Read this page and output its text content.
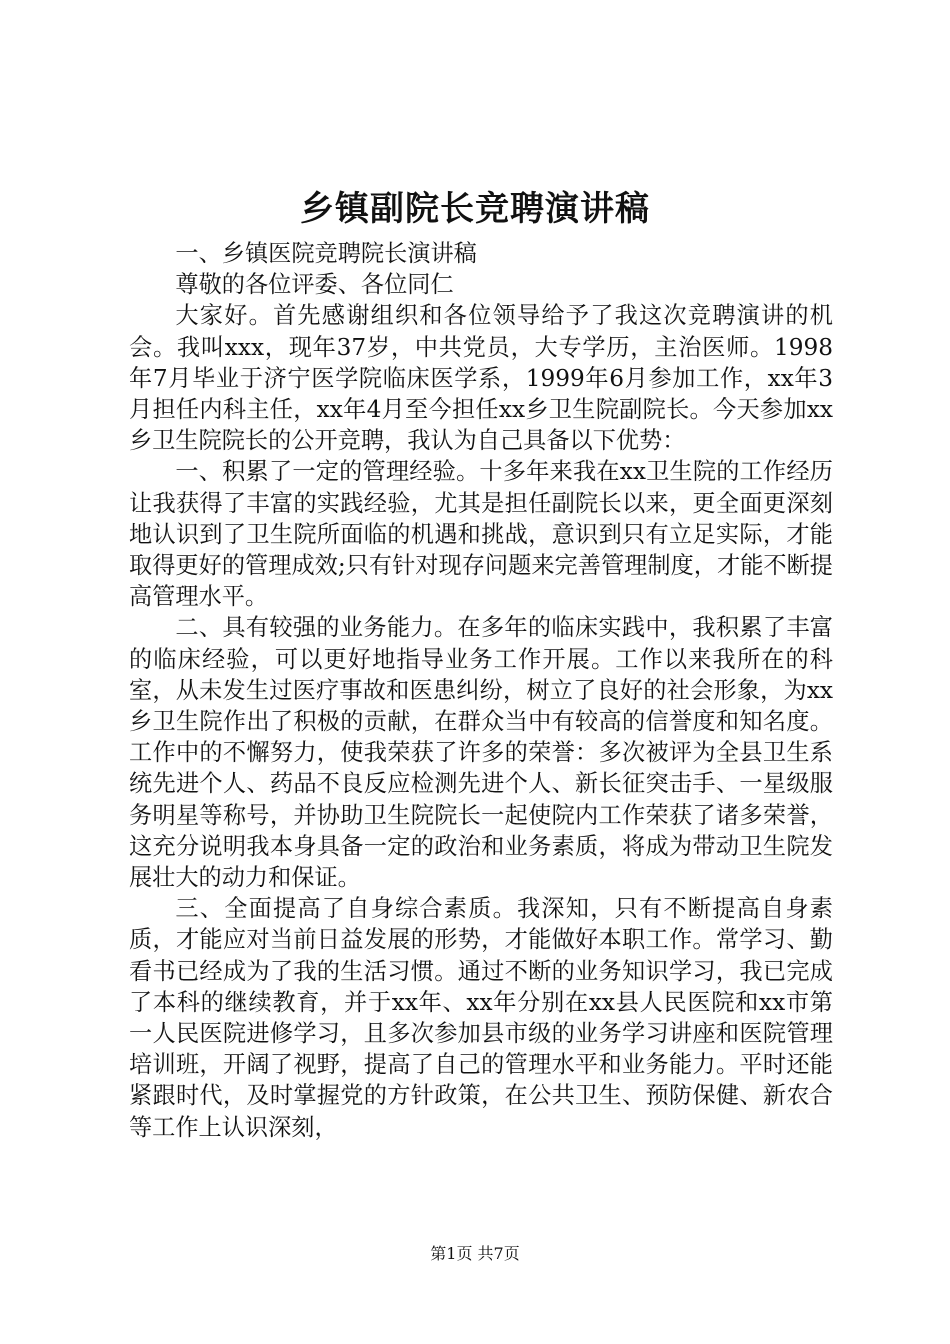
乡镇副院长竞聘演讲稿

一、乡镇医院竞聘院长演讲稿

尊敬的各位评委、各位同仁

大家好。首先感谢组织和各位领导给予了我这次竞聘演讲的机会。我叫xxx，现年37岁，中共党员，大专学历，主治医师。1998年7月毕业于济宁医学院临床医学系，1999年6月参加工作，xx年3月担任内科主任，xx年4月至今担任xx乡卫生院副院长。今天参加xx乡卫生院院长的公开竞聘，我认为自己具备以下优势：

一、积累了一定的管理经验。十多年来我在xx卫生院的工作经历让我获得了丰富的实践经验，尤其是担任副院长以来，更全面更深刻地认识到了卫生院所面临的机遇和挑战，意识到只有立足实际，才能取得更好的管理成效;只有针对现存问题来完善管理制度，才能不断提高管理水平。

二、具有较强的业务能力。在多年的临床实践中，我积累了丰富的临床经验，可以更好地指导业务工作开展。工作以来我所在的科室，从未发生过医疗事故和医患纠纷，树立了良好的社会形象，为xx乡卫生院作出了积极的贡献，在群众当中有较高的信誉度和知名度。工作中的不懈努力，使我荣获了许多的荣誉：多次被评为全县卫生系统先进个人、药品不良反应检测先进个人、新长征突击手、一星级服务明星等称号，并协助卫生院院长一起使院内工作荣获了诸多荣誉，这充分说明我本身具备一定的政治和业务素质，将成为带动卫生院发展壮大的动力和保证。

三、全面提高了自身综合素质。我深知，只有不断提高自身素质，才能应对当前日益发展的形势，才能做好本职工作。常学习、勤看书已经成为了我的生活习惯。通过不断的业务知识学习，我已完成了本科的继续教育，并于xx年、xx年分别在xx县人民医院和xx市第一人民医院进修学习，且多次参加县市级的业务学习讲座和医院管理培训班，开阔了视野，提高了自己的管理水平和业务能力。平时还能紧跟时代，及时掌握党的方针政策，在公共卫生、预防保健、新农合等工作上认识深刻，

第1页 共7页
